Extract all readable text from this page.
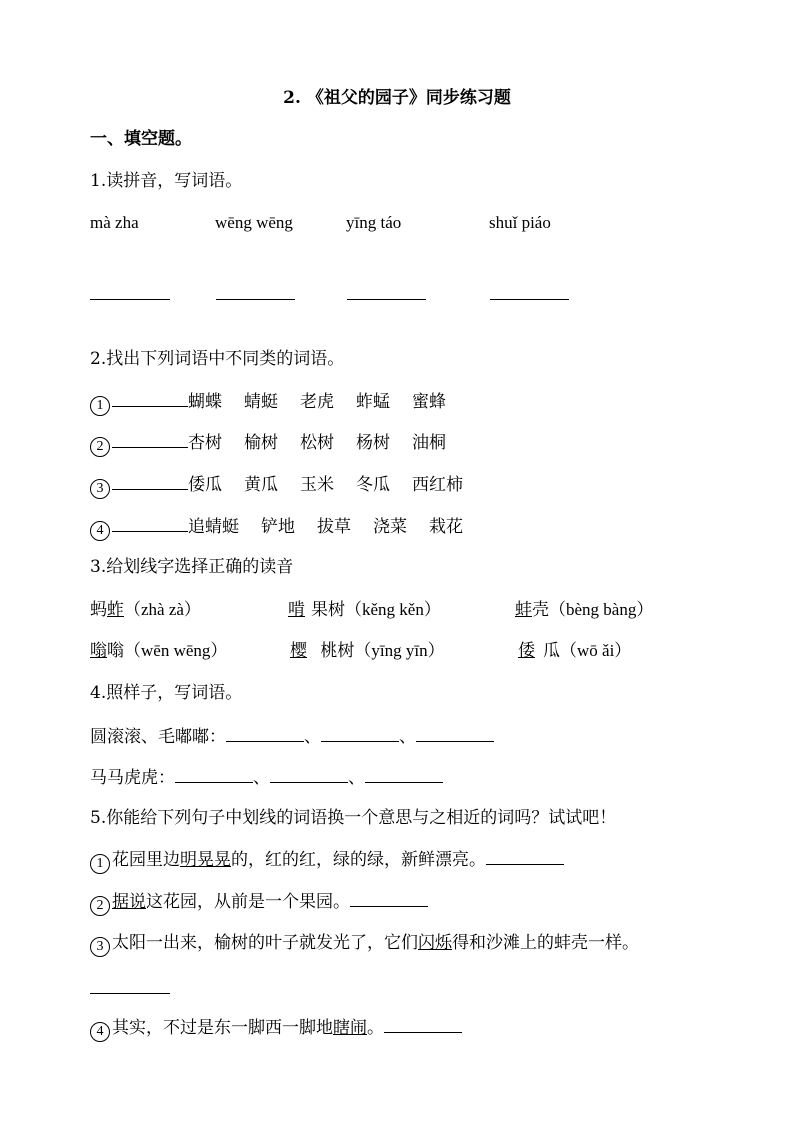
2. 《祖父的园子》同步练习题
一、填空题。
1.读拼音，写词语。
mà zha	wēng wēng	yīng táo	shuǐ piáo
2.找出下列词语中不同类的词语。
1	蝴蝶 蜻蜓 老虎 蚱蜢 蜜蜂
2	杏树 榆树 松树 杨树 油桐
3	倭瓜 黄瓜 玉米 冬瓜 西红柿
4	追蜻蜓 铲地 拔草 浇菜 栽花
3.给划线字选择正确的读音
蚂蚱（zhà zà）	啃 果树（kěng kěn）	蚌壳（bèng bàng）
嗡嗡（wēn wēng）	樱 桃树（yīng yīn）	倭 瓜（wō ǎi）
4.照样子，写词语。
圆滚滚、毛嘟嘟：	、	、
马马虎虎：	、	、
5.你能给下列句子中划线的词语换一个意思与之相近的词吗？试试吧！
1 花园里边明晃晃的，红的红，绿的绿，新鲜漂亮。
2 据说这花园，从前是一个果园。
3 太阳一出来，榆树的叶子就发光了，它们闪烁得和沙滩上的蚌壳一样。
4 其实，不过是东一脚西一脚地瞎闹。
